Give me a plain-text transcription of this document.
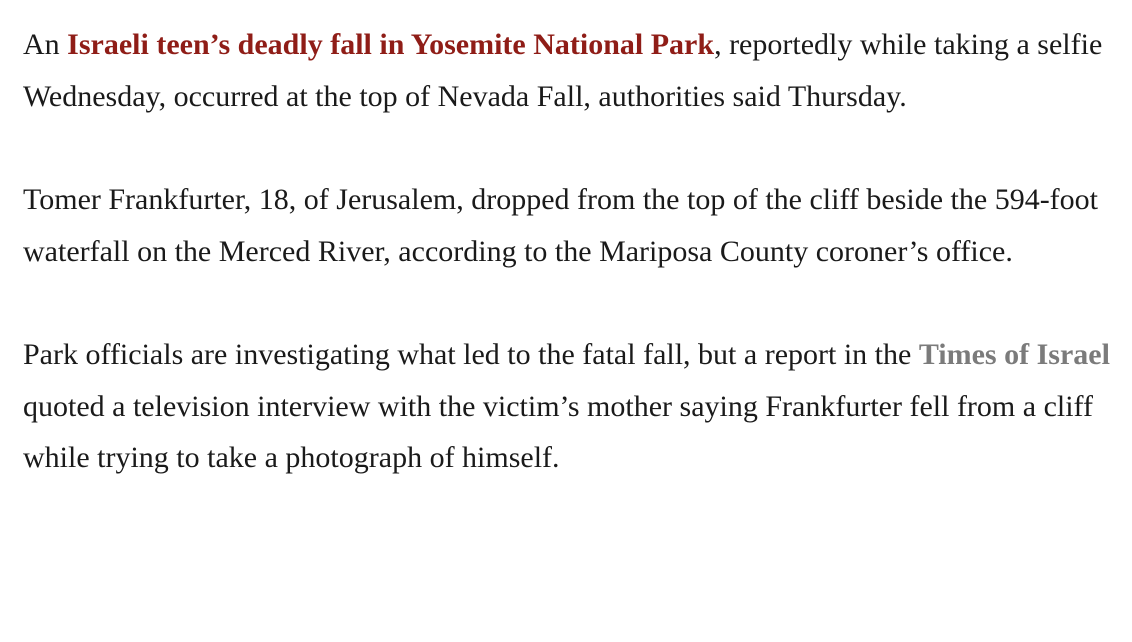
An Israeli teen’s deadly fall in Yosemite National Park, reportedly while taking a selfie Wednesday, occurred at the top of Nevada Fall, authorities said Thursday.

Tomer Frankfurter, 18, of Jerusalem, dropped from the top of the cliff beside the 594-foot waterfall on the Merced River, according to the Mariposa County coroner’s office.

Park officials are investigating what led to the fatal fall, but a report in the Times of Israel quoted a television interview with the victim’s mother saying Frankfurter fell from a cliff while trying to take a photograph of himself.
